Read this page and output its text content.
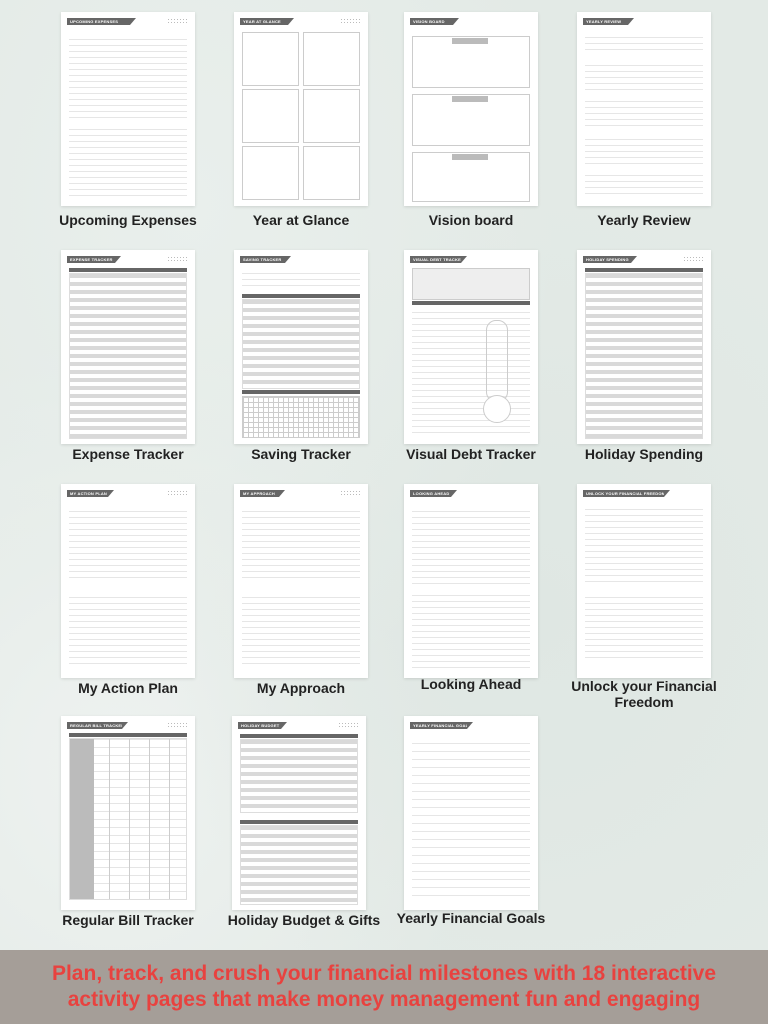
UPCOMING EXPENSES
Upcoming Expenses
YEAR AT GLANCE
Year at Glance
VISION BOARD
Vision board
YEARLY REVIEW
Yearly Review
EXPENSE TRACKER
Expense Tracker
SAVING TRACKER
Saving Tracker
VISUAL DEBT TRACKER
Visual Debt Tracker
HOLIDAY SPENDING
Holiday Spending
MY ACTION PLAN
My Action Plan
MY APPROACH
My Approach
LOOKING AHEAD
Looking Ahead
UNLOCK YOUR FINANCIAL FREEDOM
Unlock your Financial Freedom
REGULAR BILL TRACKER
Regular Bill Tracker
HOLIDAY BUDGET
Holiday Budget & Gifts
YEARLY FINANCIAL GOALS
Yearly Financial Goals

Plan, track, and crush your financial milestones with 18 interactive activity pages that make money management fun and engaging
